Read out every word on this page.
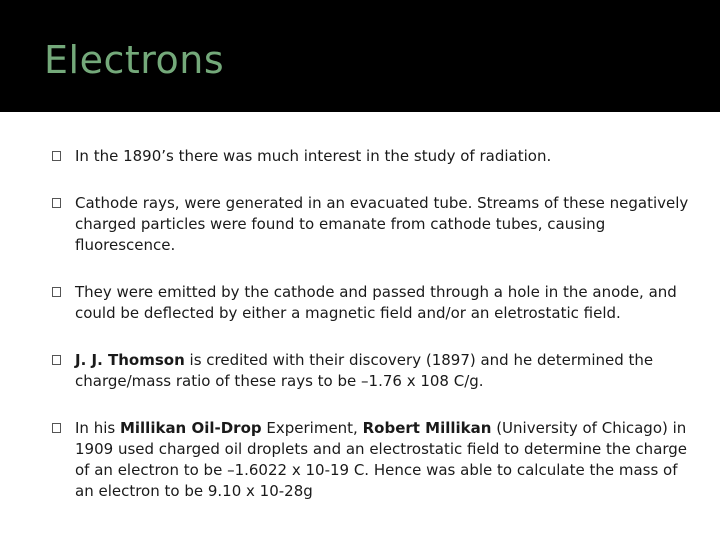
Electrons
In the 1890’s there was much interest in the study of radiation.
Cathode rays, were generated in an evacuated tube. Streams of these negatively charged particles were found to emanate from cathode tubes, causing fluorescence.
They were emitted by the cathode and passed through a hole in the anode, and could be deflected by either a magnetic field and/or an eletrostatic field.
J. J. Thomson is credited with their discovery (1897) and he determined the charge/mass ratio of these rays to be –1.76 x 108 C/g.
In his Millikan Oil-Drop Experiment, Robert Millikan (University of Chicago) in 1909 used charged oil droplets and an electrostatic field to determine the charge of an electron to be –1.6022 x 10-19 C. Hence was able to calculate the mass of an electron to be 9.10 x 10-28g
